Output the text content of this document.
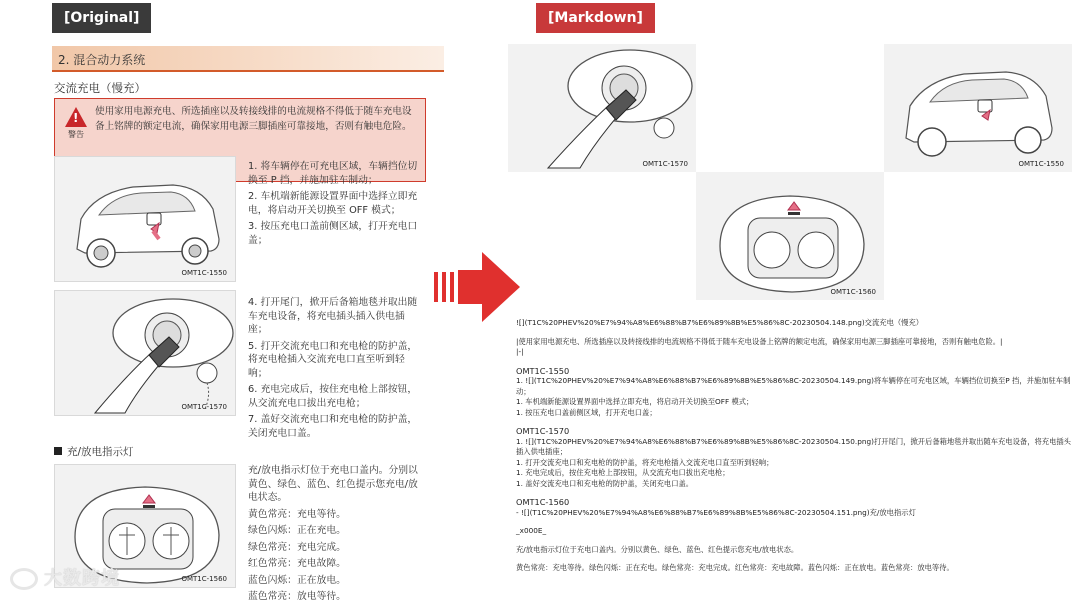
[Original]	[Markdown]
2. 混合动力系统
交流充电（慢充）
!
警告
使用家用电源充电、所选插座以及转接线排的电流规格不得低于随车充电设备上铭牌的额定电流，确保家用电源三脚插座可靠接地，否则有触电危险。
OMT1C-1550

1. 将车辆停在可充电区域，车辆挡位切换至 P 挡，并施加驻车制动；

2. 车机端新能源设置界面中选择立即充电，将启动开关切换至 OFF 模式；

3. 按压充电口盖前侧区域，打开充电口盖；

OMT1C-1570

4. 打开尾门，掀开后备箱地毯并取出随车充电设备，将充电插头插入供电插座；

5. 打开交流充电口和充电枪的防护盖，将充电枪插入交流充电口直至听到轻响；

6. 充电完成后，按住充电枪上部按钮，从交流充电口拔出充电枪；

7. 盖好交流充电口和充电枪的防护盖，关闭充电口盖。

充/放电指示灯
OMT1C-1560

充/放电指示灯位于充电口盖内。分别以黄色、绿色、蓝色、红色提示您充电/放电状态。

黄色常亮：充电等待。

绿色闪烁：正在充电。

绿色常亮：充电完成。

红色常亮：充电故障。

蓝色闪烁：正在放电。

蓝色常亮：放电等待。

OMT1C-1570	OMT1C-1550
OMT1C-1560
![](T1C%20PHEV%20%E7%94%A8%E6%88%B7%E6%89%8B%E5%86%8C-20230504.148.png)交流充电（慢充）
|使用家用电源充电、所选插座以及转接线排的电流规格不得低于随车充电设备上铭牌的额定电流，确保家用电源三脚插座可靠接地，否则有触电危险。|
|-|
OMT1C-1550
1. ![](T1C%20PHEV%20%E7%94%A8%E6%88%B7%E6%89%8B%E5%86%8C-20230504.149.png)将车辆停在可充电区域，车辆挡位切换至P 挡，并施加驻车制动；
1. 车机端新能源设置界面中选择立即充电，将启动开关切换至OFF 模式；
1. 按压充电口盖前侧区域，打开充电口盖；
OMT1C-1570
1. ![](T1C%20PHEV%20%E7%94%A8%E6%88%B7%E6%89%8B%E5%86%8C-20230504.150.png)打开尾门，掀开后备箱地毯并取出随车充电设备，将充电插头插入供电插座；
1. 打开交流充电口和充电枪的防护盖，将充电枪插入交流充电口直至听到轻响；
1. 充电完成后，按住充电枪上部按钮，从交流充电口拔出充电枪；
1. 盖好交流充电口和充电枪的防护盖，关闭充电口盖。
OMT1C-1560
- ![](T1C%20PHEV%20%E7%94%A8%E6%88%B7%E6%89%8B%E5%86%8C-20230504.151.png)充/放电指示灯
_x000E_
充/放电指示灯位于充电口盖内。分别以黄色、绿色、蓝色、红色提示您充电/放电状态。
黄色常亮：充电等待。绿色闪烁：正在充电。绿色常亮：充电完成。红色常亮：充电故障。蓝色闪烁：正在放电。蓝色常亮：放电等待。
大数跨境
